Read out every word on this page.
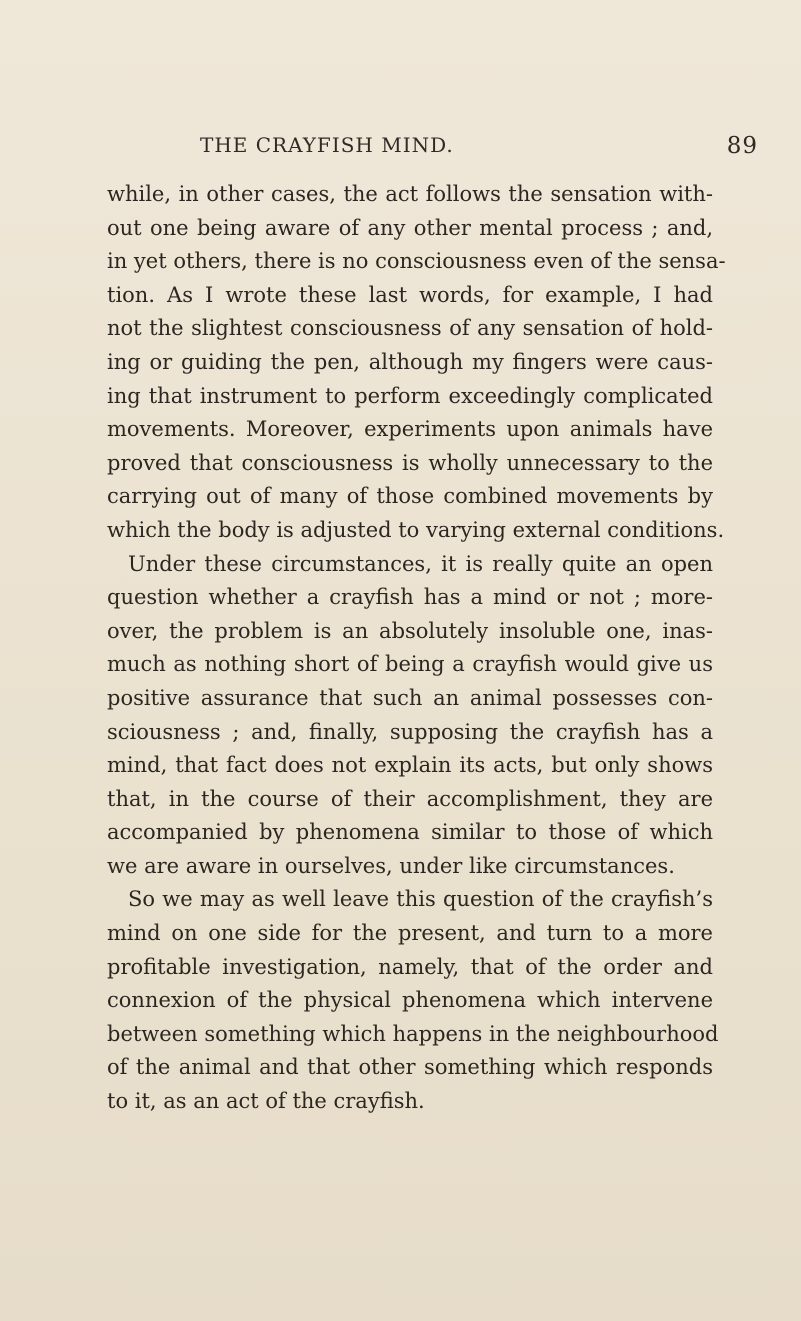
THE CRAYFISH MIND.	89
while, in other cases, the act follows the sensation with-
out one being aware of any other mental process ; and,
in yet others, there is no consciousness even of the sensa-
tion. As I wrote these last words, for example, I had
not the slightest consciousness of any sensation of hold-
ing or guiding the pen, although my fingers were caus-
ing that instrument to perform exceedingly complicated
movements. Moreover, experiments upon animals have
proved that consciousness is wholly unnecessary to the
carrying out of many of those combined movements by
which the body is adjusted to varying external conditions.
Under these circumstances, it is really quite an open
question whether a crayfish has a mind or not ; more-
over, the problem is an absolutely insoluble one, inas-
much as nothing short of being a crayfish would give us
positive assurance that such an animal possesses con-
sciousness ; and, finally, supposing the crayfish has a
mind, that fact does not explain its acts, but only shows
that, in the course of their accomplishment, they are
accompanied by phenomena similar to those of which
we are aware in ourselves, under like circumstances.
So we may as well leave this question of the crayfish’s
mind on one side for the present, and turn to a more
profitable investigation, namely, that of the order and
connexion of the physical phenomena which intervene
between something which happens in the neighbourhood
of the animal and that other something which responds
to it, as an act of the crayfish.
